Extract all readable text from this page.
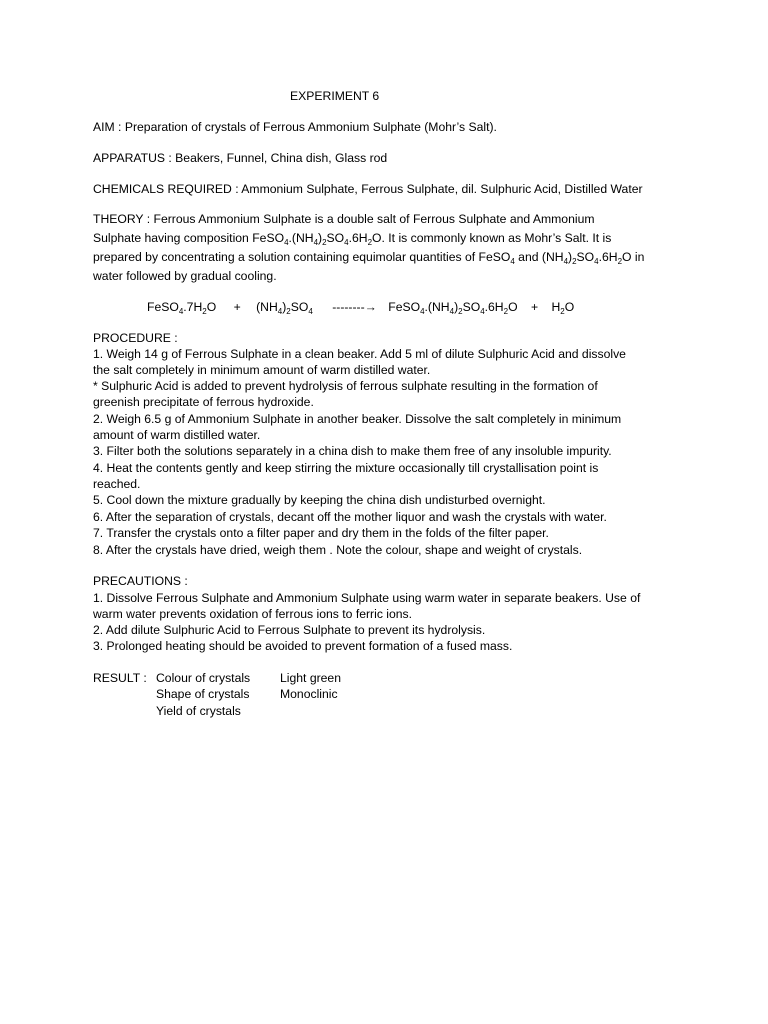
EXPERIMENT 6
AIM : Preparation of crystals of Ferrous Ammonium Sulphate (Mohr’s Salt).
APPARATUS : Beakers, Funnel, China dish, Glass rod
CHEMICALS REQUIRED : Ammonium Sulphate, Ferrous Sulphate, dil. Sulphuric Acid, Distilled Water
THEORY : Ferrous Ammonium Sulphate is a double salt of Ferrous Sulphate and Ammonium
Sulphate having composition $FeSO_4.(NH_4)_2SO_4.6H_2O$. It is commonly known as Mohr’s Salt. It is
prepared by concentrating a solution containing equimolar quantities of FeSO$_4$ and $(NH_4)_2SO_4.6H_2O$ in
water followed by gradual cooling.
$FeSO_4.7H_2O + (NH_4)_2SO_4$ --------→ $FeSO_4.(NH_4)_2SO_4.6H_2O + H_2O$
PROCEDURE :
1. Weigh 14 g of Ferrous Sulphate in a clean beaker. Add 5 ml of dilute Sulphuric Acid and dissolve
the salt completely in minimum amount of warm distilled water.
* Sulphuric Acid is added to prevent hydrolysis of ferrous sulphate resulting in the formation of
greenish precipitate of ferrous hydroxide.
2. Weigh 6.5 g of Ammonium Sulphate in another beaker. Dissolve the salt completely in minimum
amount of warm distilled water.
3. Filter both the solutions separately in a china dish to make them free of any insoluble impurity.
4. Heat the contents gently and keep stirring the mixture occasionally till crystallisation point is
reached.
5. Cool down the mixture gradually by keeping the china dish undisturbed overnight.
6. After the separation of crystals, decant off the mother liquor and wash the crystals with water.
7. Transfer the crystals onto a filter paper and dry them in the folds of the filter paper.
8. After the crystals have dried, weigh them . Note the colour, shape and weight of crystals.
PRECAUTIONS :
1. Dissolve Ferrous Sulphate and Ammonium Sulphate using warm water in separate beakers. Use of
warm water prevents oxidation of ferrous ions to ferric ions.
2. Add dilute Sulphuric Acid to Ferrous Sulphate to prevent its hydrolysis.
3. Prolonged heating should be avoided to prevent formation of a fused mass.
RESULT : Colour of crystals Light green
Shape of crystals	Monoclinic
Yield of crystals
